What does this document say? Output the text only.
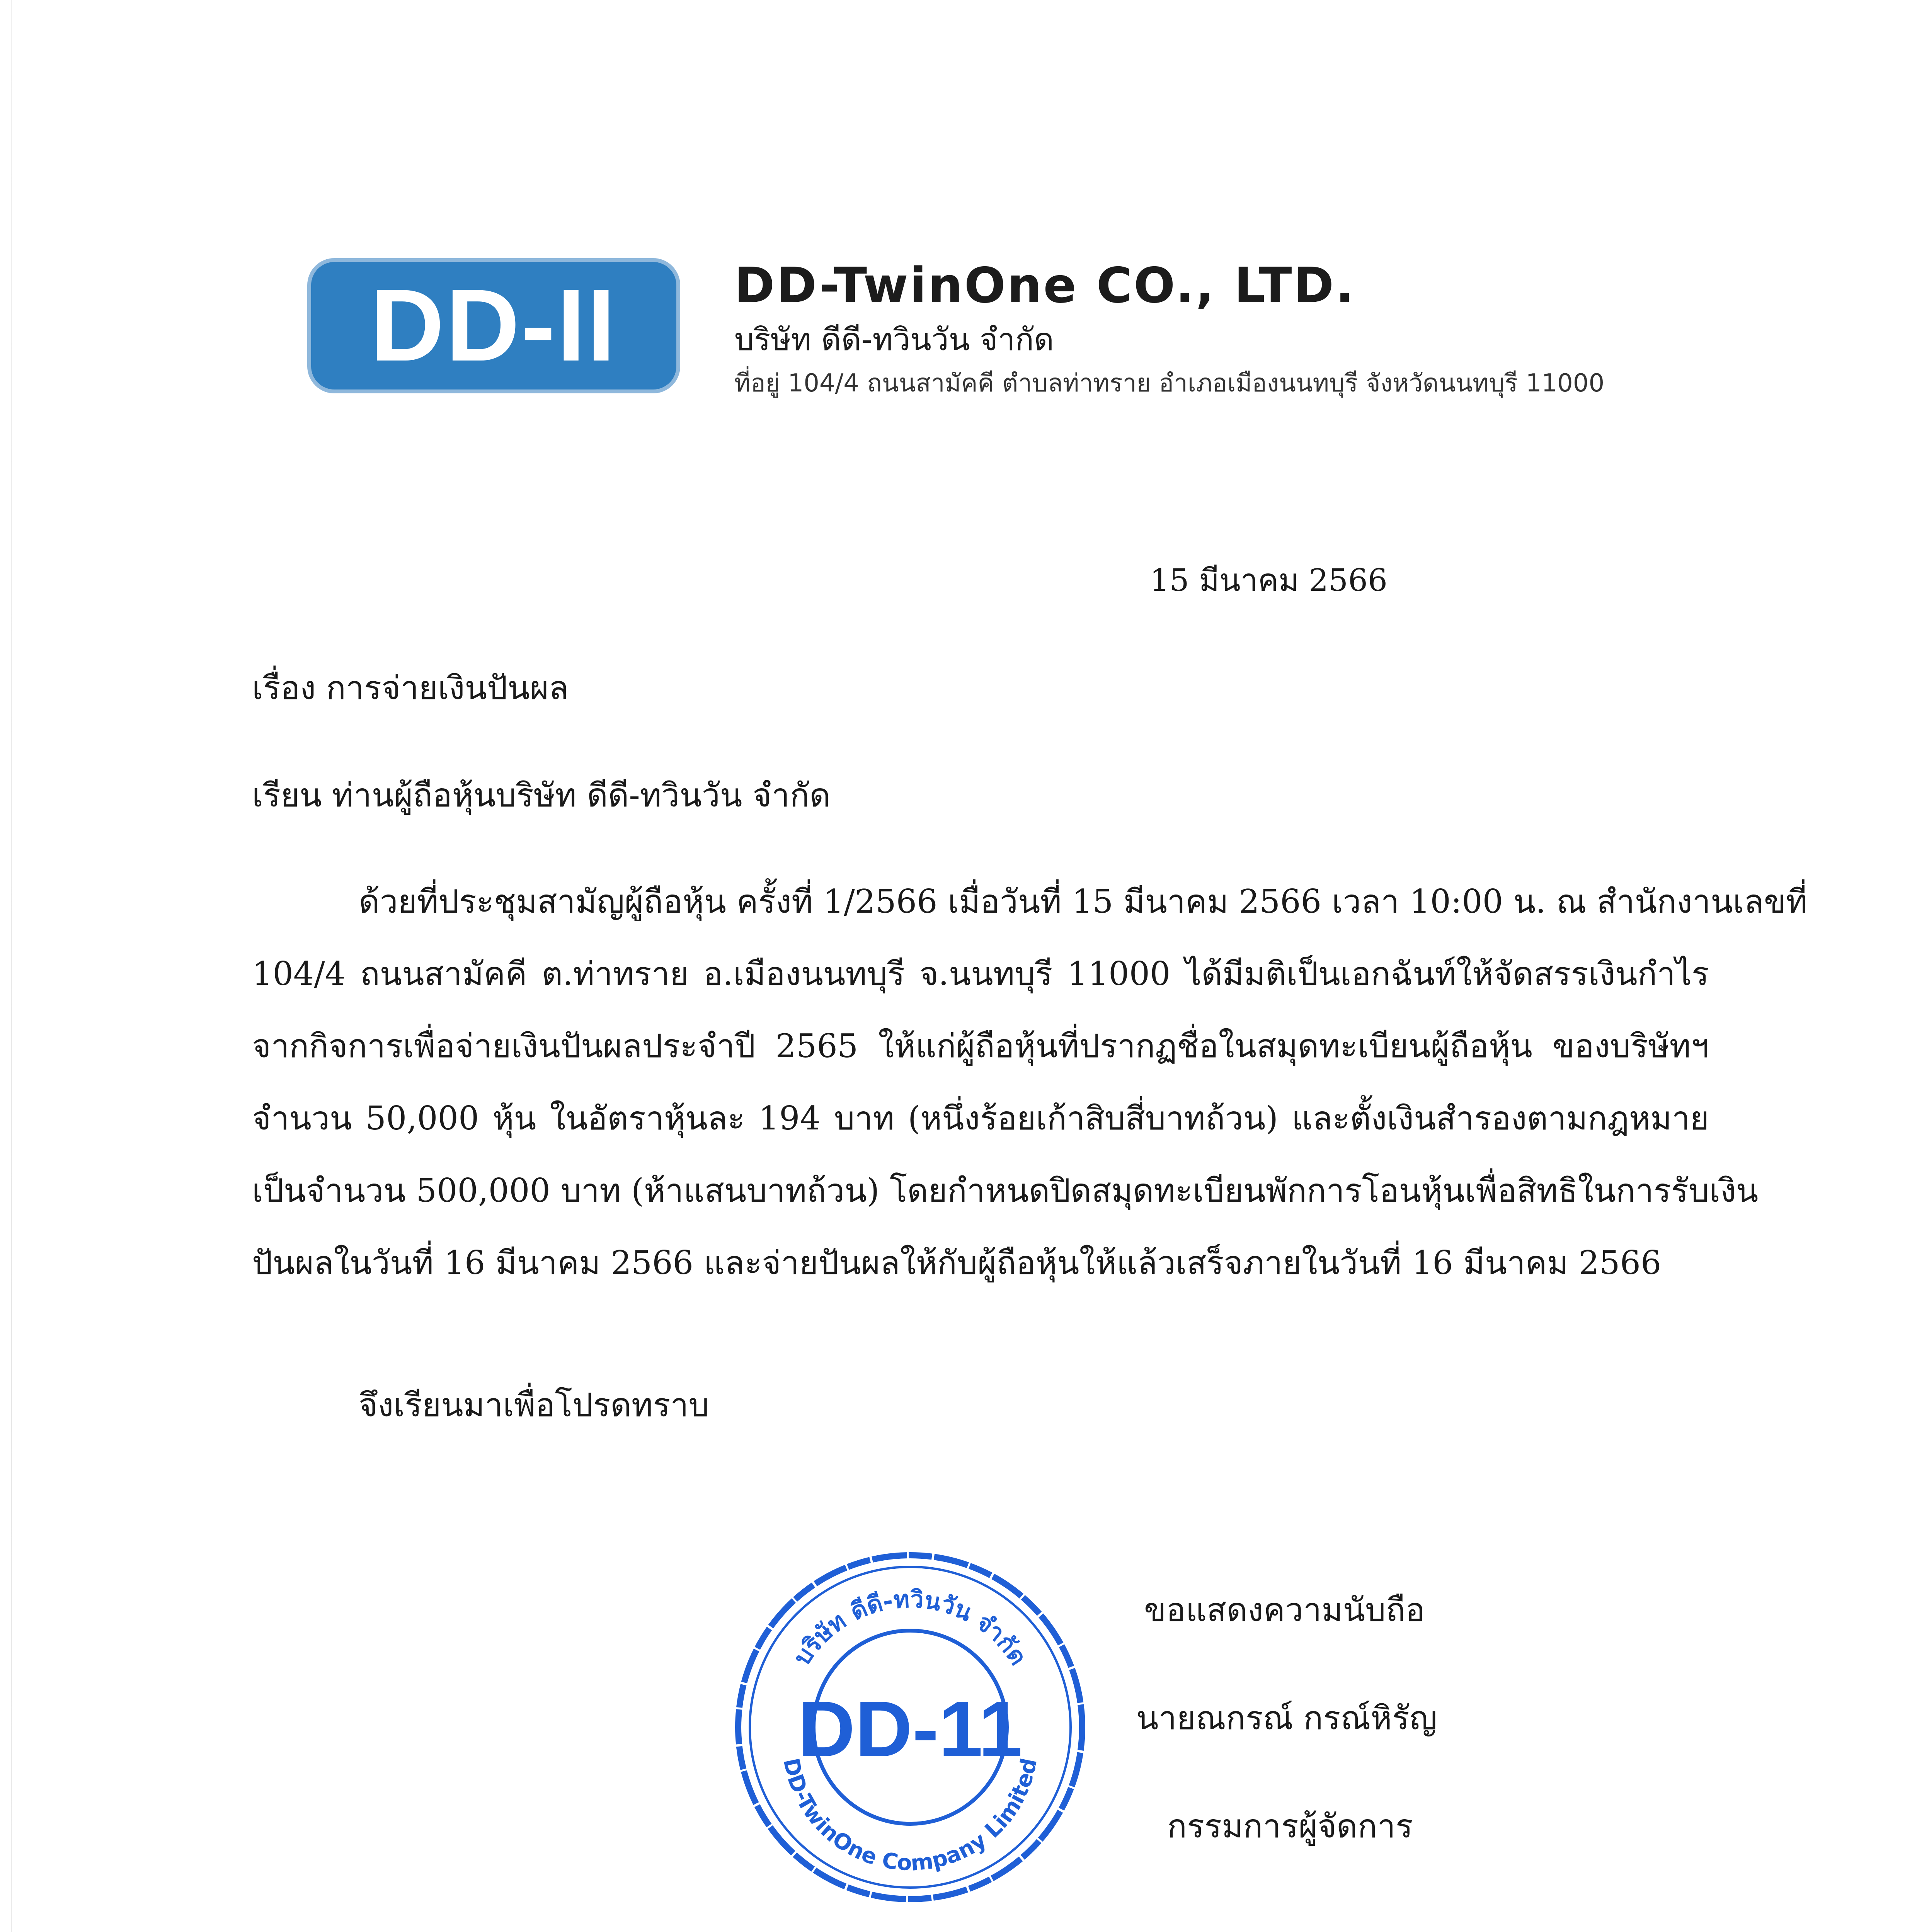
DD-II DD-TwinOne CO., LTD.
บริษัท ดีดี-ทวินวัน จำกัด
ที่อยู่ 104/4 ถนนสามัคคี ตำบลท่าทราย อำเภอเมืองนนทบุรี จังหวัดนนทบุรี 11000
15 มีนาคม 2566
เรื่อง การจ่ายเงินปันผล
เรียน ท่านผู้ถือหุ้นบริษัท ดีดี-ทวินวัน จำกัด
ด้วยที่ประชุมสามัญผู้ถือหุ้น ครั้งที่ 1/2566 เมื่อวันที่ 15 มีนาคม 2566 เวลา 10:00 น. ณ สำนักงานเลขที่
104/4 ถนนสามัคคี ต.ท่าทราย อ.เมืองนนทบุรี จ.นนทบุรี 11000 ได้มีมติเป็นเอกฉันท์ให้จัดสรรเงินกำไร
จากกิจการเพื่อจ่ายเงินปันผลประจำปี 2565 ให้แก่ผู้ถือหุ้นที่ปรากฏชื่อในสมุดทะเบียนผู้ถือหุ้น ของบริษัทฯ
จำนวน 50,000 หุ้น ในอัตราหุ้นละ 194 บาท (หนึ่งร้อยเก้าสิบสี่บาทถ้วน) และตั้งเงินสำรองตามกฎหมาย
เป็นจำนวน 500,000 บาท (ห้าแสนบาทถ้วน) โดยกำหนดปิดสมุดทะเบียนพักการโอนหุ้นเพื่อสิทธิในการรับเงิน
ปันผลในวันที่ 16 มีนาคม 2566 และจ่ายปันผลให้กับผู้ถือหุ้นให้แล้วเสร็จภายในวันที่ 16 มีนาคม 2566
จึงเรียนมาเพื่อโปรดทราบ
บริษัท ดีดี-ทวินวัน จำกัด
DD-TwinOne Company Limited
DD-11
ขอแสดงความนับถือ
นายณกรณ์ กรณ์หิรัญ
กรรมการผู้จัดการ
